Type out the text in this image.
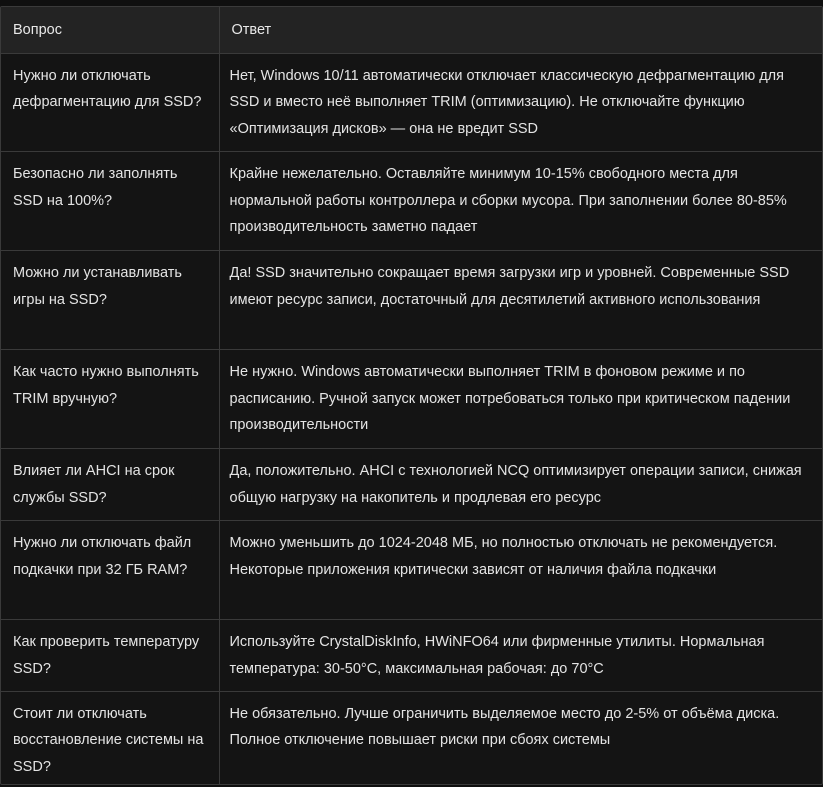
Вопрос	Ответ
Нужно ли отключать дефрагментацию для SSD?	Нет, Windows 10/11 автоматически отключает классическую дефрагментацию для SSD и вместо неё выполняет TRIM (оптимизацию). Не отключайте функцию «Оптимизация дисков» — она не вредит SSD
Безопасно ли заполнять SSD на 100%?	Крайне нежелательно. Оставляйте минимум 10-15% свободного места для нормальной работы контроллера и сборки мусора. При заполнении более 80-85% производительность заметно падает
Можно ли устанавливать игры на SSD?	Да! SSD значительно сокращает время загрузки игр и уровней. Современные SSD имеют ресурс записи, достаточный для десятилетий активного использования
Как часто нужно выполнять TRIM вручную?	Не нужно. Windows автоматически выполняет TRIM в фоновом режиме и по расписанию. Ручной запуск может потребоваться только при критическом падении производительности
Влияет ли AHCI на срок службы SSD?	Да, положительно. AHCI с технологией NCQ оптимизирует операции записи, снижая общую нагрузку на накопитель и продлевая его ресурс
Нужно ли отключать файл подкачки при 32 ГБ RAM?	Можно уменьшить до 1024-2048 МБ, но полностью отключать не рекомендуется. Некоторые приложения критически зависят от наличия файла подкачки
Как проверить температуру SSD?	Используйте CrystalDiskInfo, HWiNFO64 или фирменные утилиты. Нормальная температура: 30-50°C, максимальная рабочая: до 70°C
Стоит ли отключать восстановление системы на SSD?	Не обязательно. Лучше ограничить выделяемое место до 2-5% от объёма диска. Полное отключение повышает риски при сбоях системы
